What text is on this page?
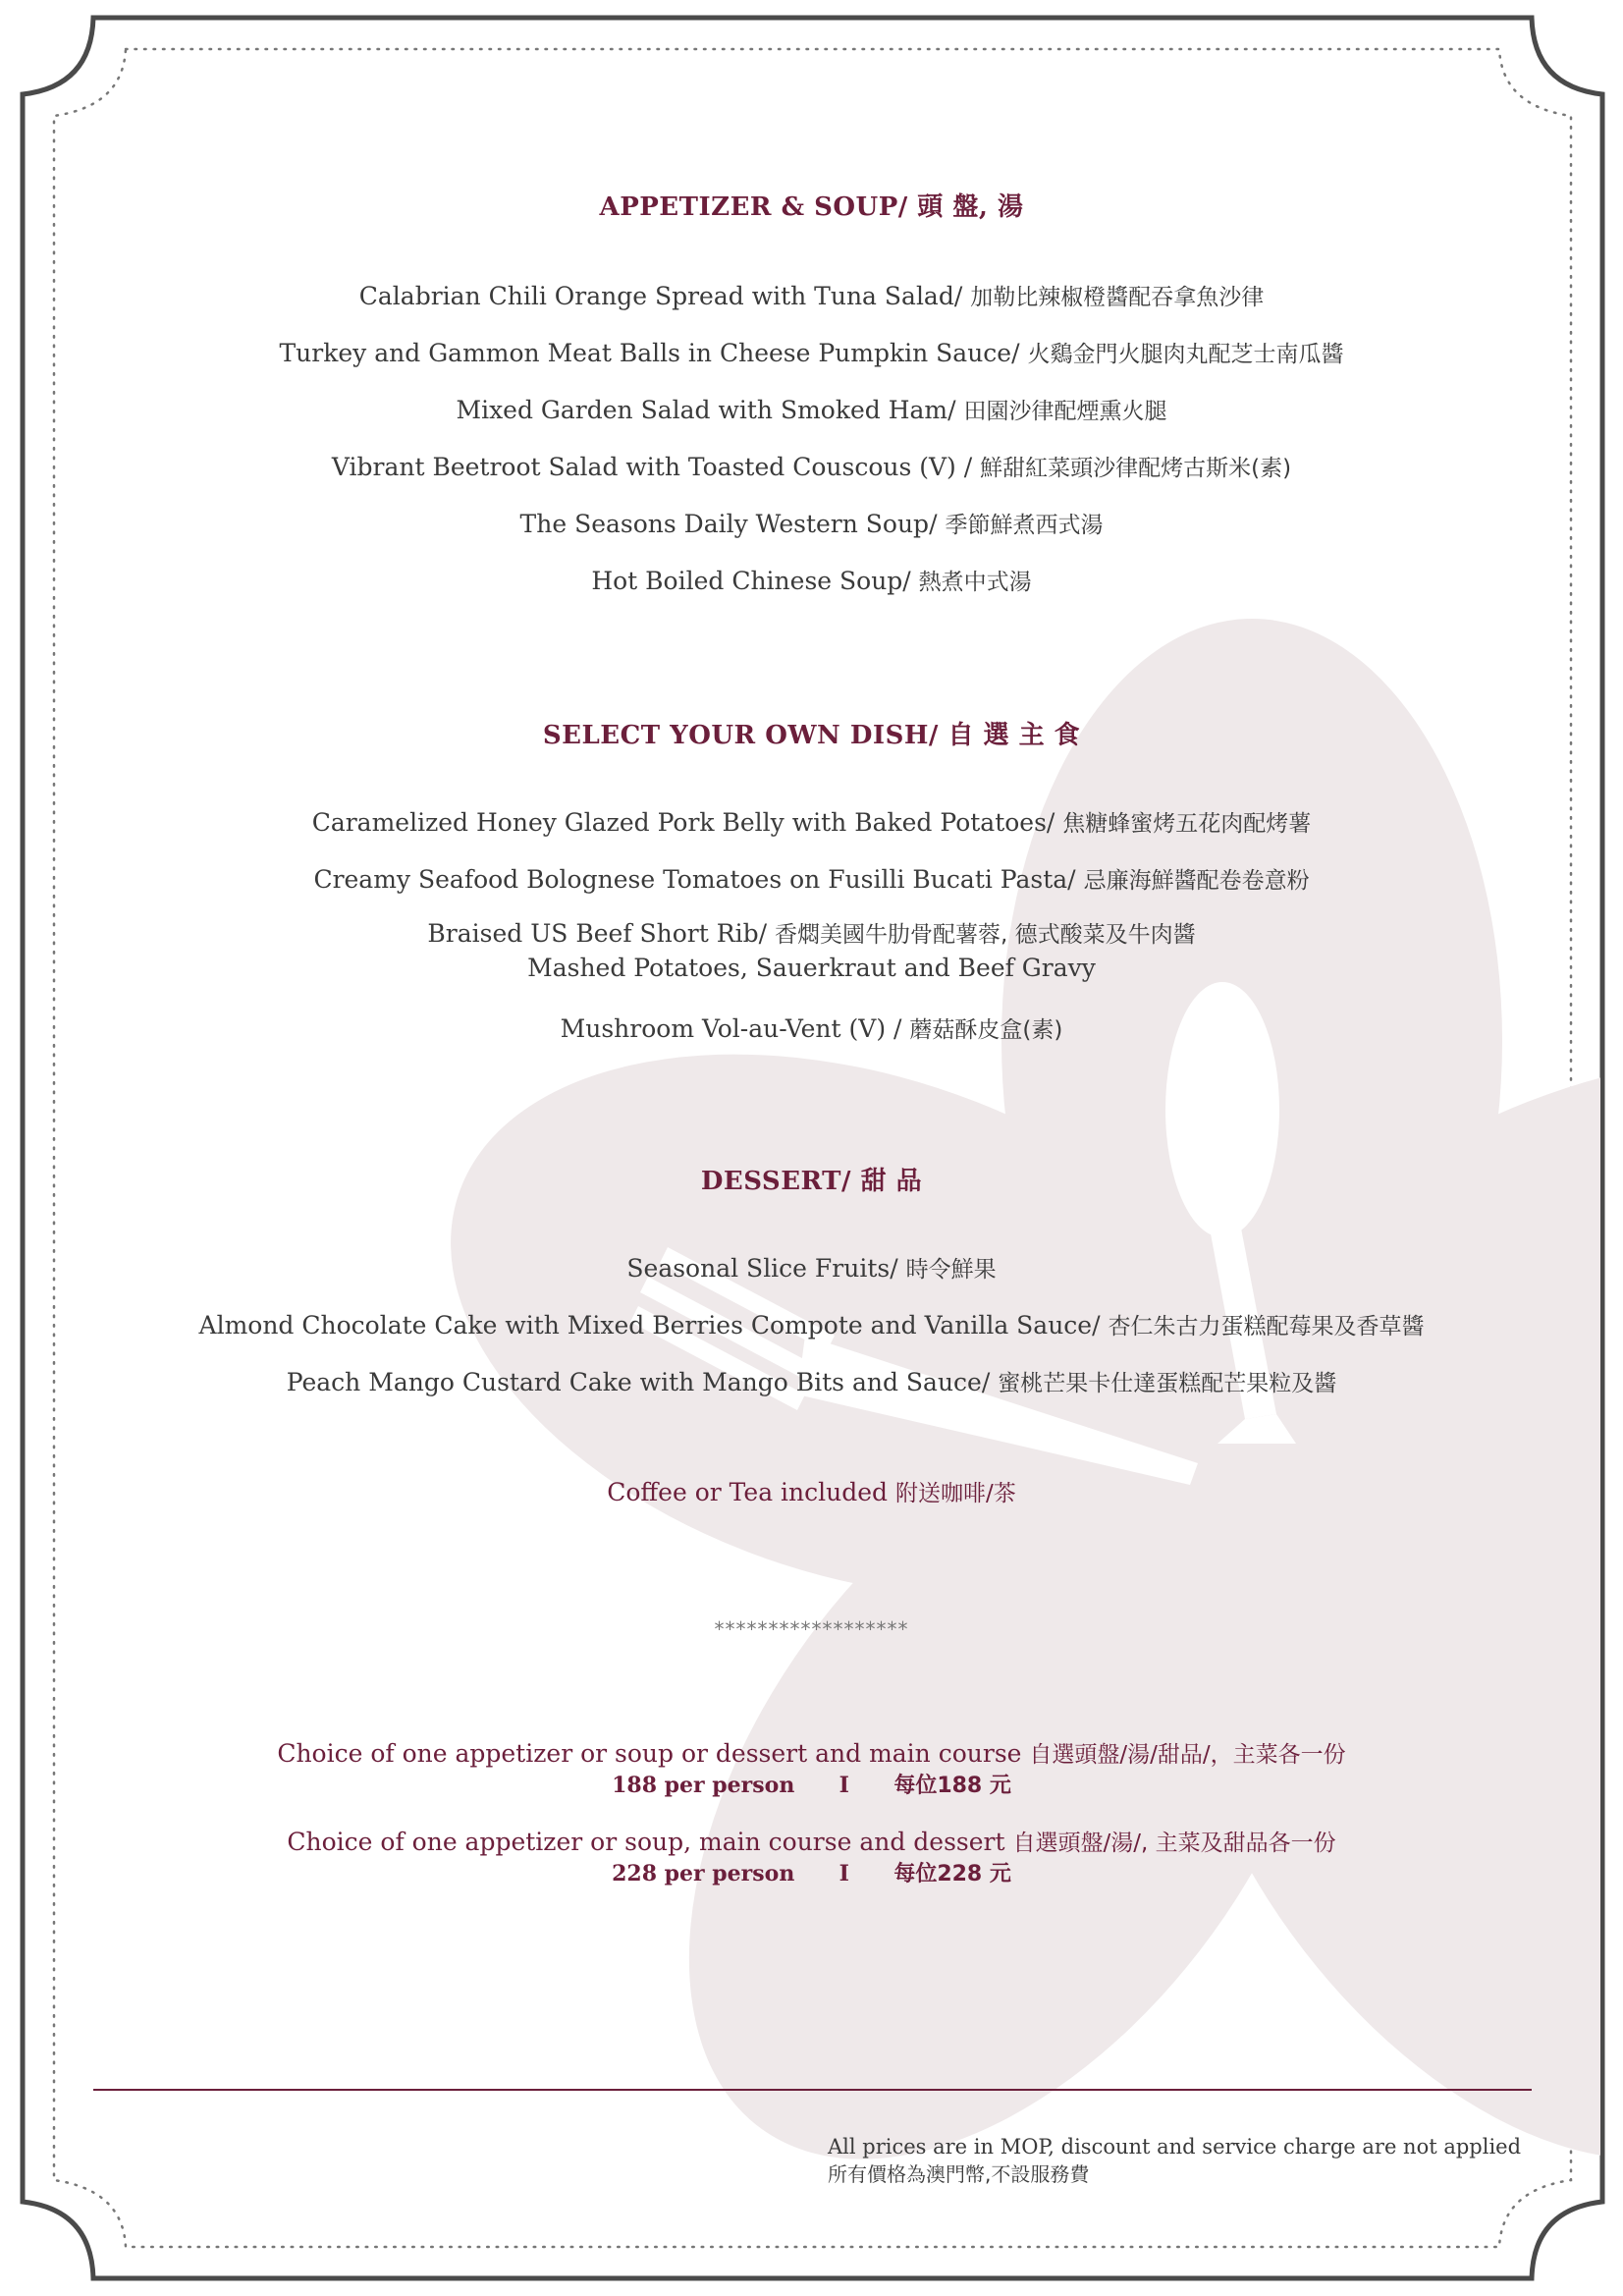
APPETIZER & SOUP/ 頭 盤, 湯
Calabrian Chili Orange Spread with Tuna Salad/ 加勒比辣椒橙醬配吞拿魚沙律
Turkey and Gammon Meat Balls in Cheese Pumpkin Sauce/ 火鷄金門火腿肉丸配芝士南瓜醬
Mixed Garden Salad with Smoked Ham/ 田園沙律配煙熏火腿
Vibrant Beetroot Salad with Toasted Couscous (V) / 鮮甜紅菜頭沙律配烤古斯米(素)
The Seasons Daily Western Soup/ 季節鮮煮西式湯
Hot Boiled Chinese Soup/ 熱煮中式湯
SELECT YOUR OWN DISH/ 自 選 主 食
Caramelized Honey Glazed Pork Belly with Baked Potatoes/ 焦糖蜂蜜烤五花肉配烤薯
Creamy Seafood Bolognese Tomatoes on Fusilli Bucati Pasta/ 忌廉海鮮醬配卷卷意粉
Braised US Beef Short Rib/ 香燜美國牛肋骨配薯蓉, 德式酸菜及牛肉醬
Mashed Potatoes, Sauerkraut and Beef Gravy
Mushroom Vol-au-Vent (V) / 蘑菇酥皮盒(素)
DESSERT/ 甜 品
Seasonal Slice Fruits/ 時令鮮果
Almond Chocolate Cake with Mixed Berries Compote and Vanilla Sauce/ 杏仁朱古力蛋糕配莓果及香草醬
Peach Mango Custard Cake with Mango Bits and Sauce/ 蜜桃芒果卡仕達蛋糕配芒果粒及醬
Coffee or Tea included 附送咖啡/茶
******************
Choice of one appetizer or soup or dessert and main course 自選頭盤/湯/甜品/，主菜各一份
188 per person I 每位188 元
Choice of one appetizer or soup, main course and dessert 自選頭盤/湯/, 主菜及甜品各一份
228 per person I 每位228 元
All prices are in MOP, discount and service charge are not applied
所有價格為澳門幣,不設服務費
